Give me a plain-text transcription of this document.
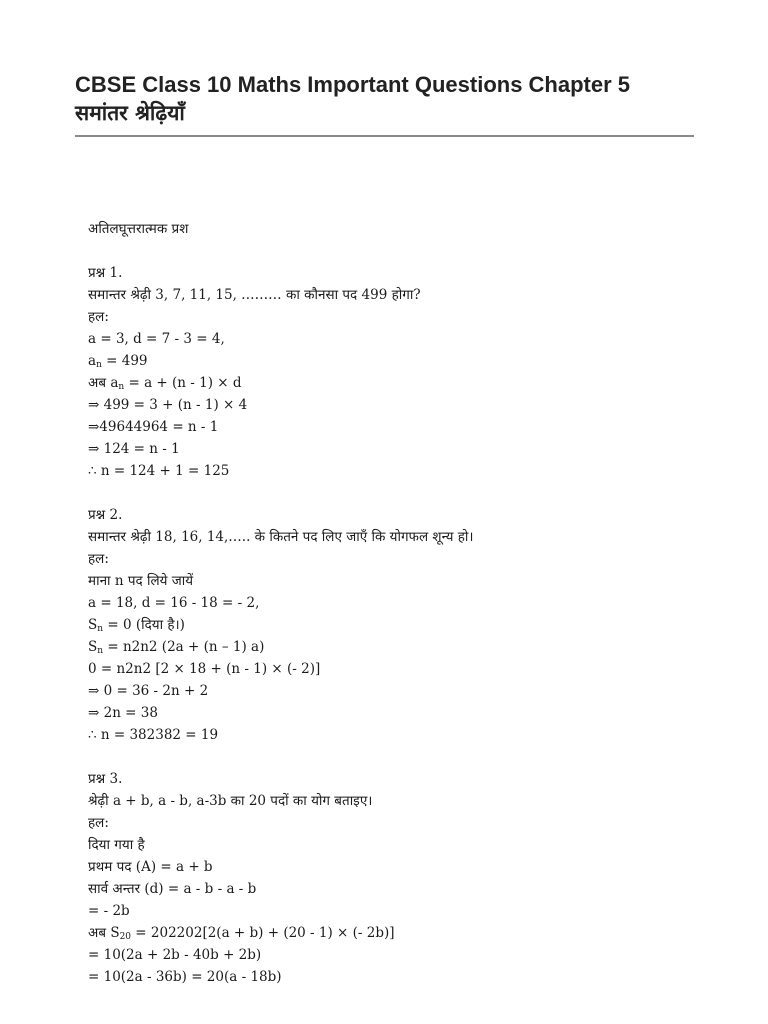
CBSE Class 10 Maths Important Questions Chapter 5
समांतर श्रेढ़ियाँ
अतिलघूत्तरात्मक प्रश
प्रश्न 1.
समान्तर श्रेढ़ी 3, 7, 11, 15, ……… का कौनसा पद 499 होगा?
हल:
a = 3, d = 7 - 3 = 4,
$a_n = 499$
अब $a_n = a + (n - 1) \times d$
⇒ 499 = 3 + (n - 1) × 4
⇒49644964 = n - 1
⇒ 124 = n - 1
∴ n = 124 + 1 = 125
प्रश्न 2.
समान्तर श्रेढ़ी 18, 16, 14,….. के कितने पद लिए जाएँ कि योगफल शून्य हो।
हल:
माना n पद लिये जायें
a = 18, d = 16 - 18 = - 2,
$S_n = 0$ (दिया है।)
$S_n = n2n2$ (2a + (n – 1) a)
0 = n2n2 [2 × 18 + (n - 1) × (- 2)]
⇒ 0 = 36 - 2n + 2
⇒ 2n = 38
∴ n = 382382 = 19
प्रश्न 3.
श्रेढ़ी a + b, a - b, a-3b का 20 पदों का योग बताइए।
हल:
दिया गया है
प्रथम पद (A) = a + b
सार्व अन्तर (d) = a - b - a - b
= - 2b
अब $S_{20} = 202202[2(a + b) + (20 - 1)$ × (- 2b)]
= 10(2a + 2b - 40b + 2b)
= 10(2a - 36b) = 20(a - 18b)
